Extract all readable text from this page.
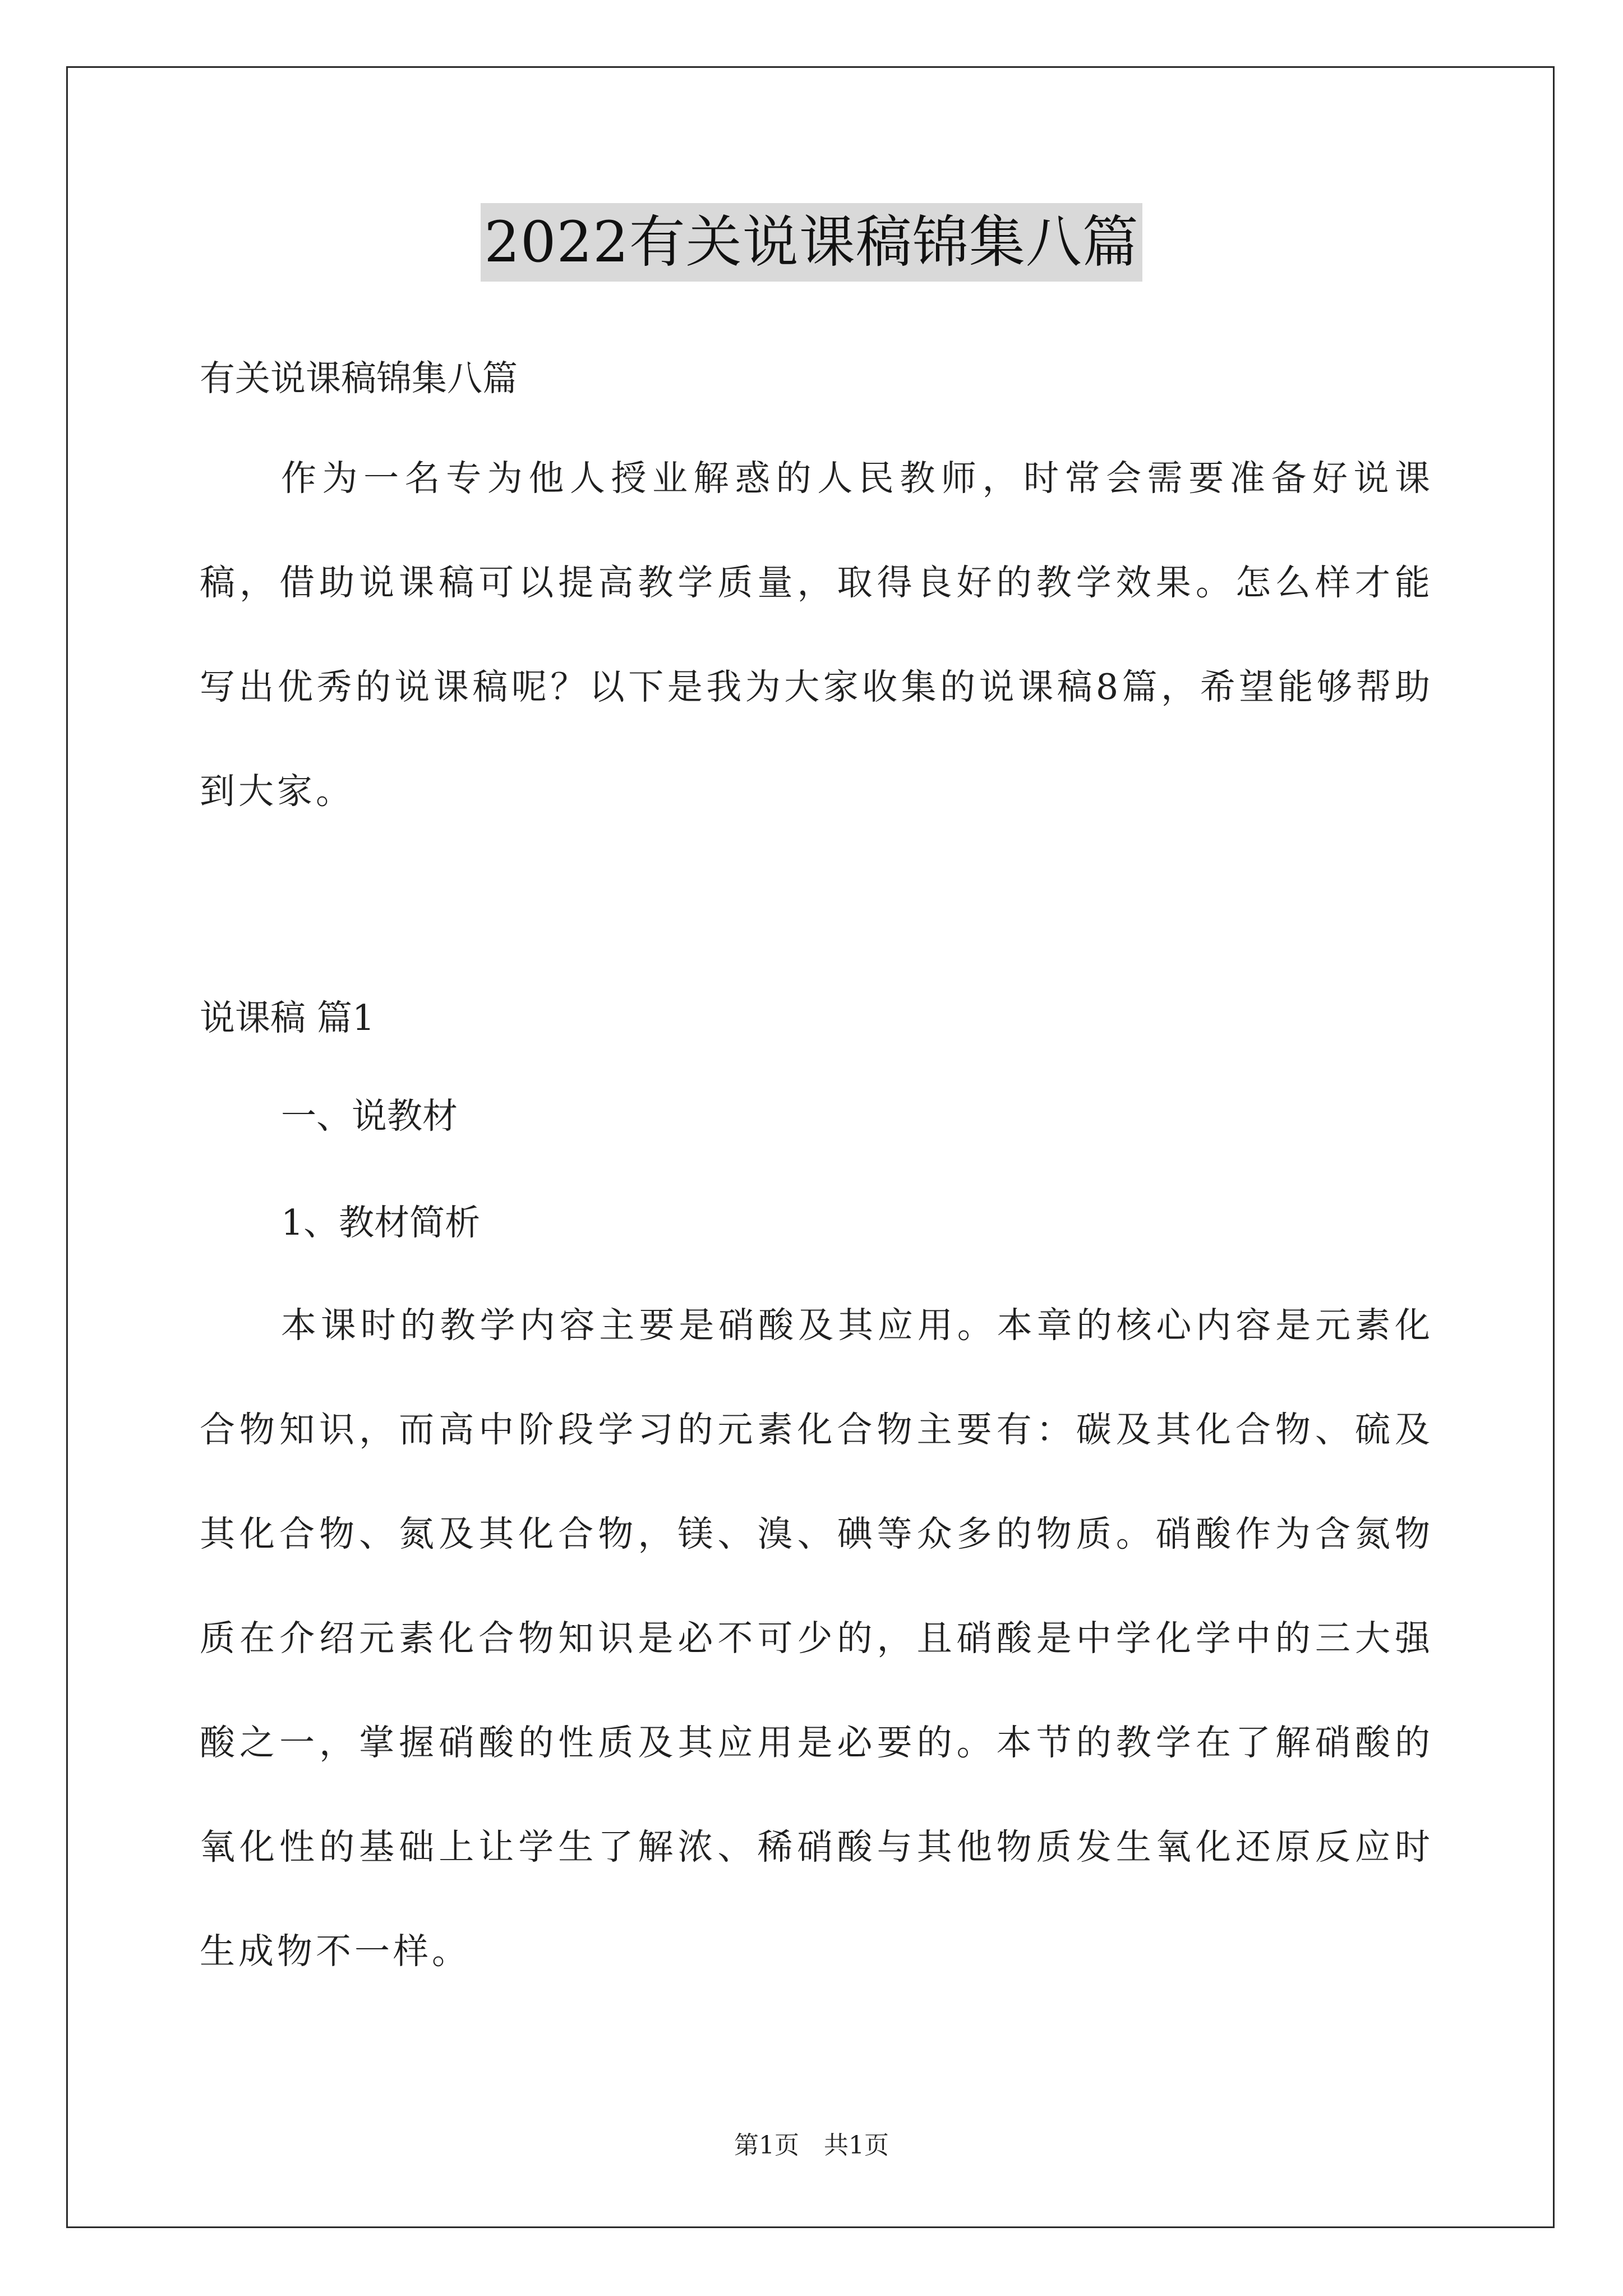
2022有关说课稿锦集八篇
有关说课稿锦集八篇
作为一名专为他人授业解惑的人民教师，时常会需要准备好说课稿，借助说课稿可以提高教学质量，取得良好的教学效果。怎么样才能写出优秀的说课稿呢？以下是我为大家收集的说课稿8篇，希望能够帮助到大家。
说课稿 篇1
一、说教材
1、教材简析
本课时的教学内容主要是硝酸及其应用。本章的核心内容是元素化合物知识，而高中阶段学习的元素化合物主要有：碳及其化合物、硫及其化合物、氮及其化合物，镁、溴、碘等众多的物质。硝酸作为含氮物质在介绍元素化合物知识是必不可少的，且硝酸是中学化学中的三大强酸之一，掌握硝酸的性质及其应用是必要的。本节的教学在了解硝酸的氧化性的基础上让学生了解浓、稀硝酸与其他物质发生氧化还原反应时生成物不一样。
第1页　共1页
